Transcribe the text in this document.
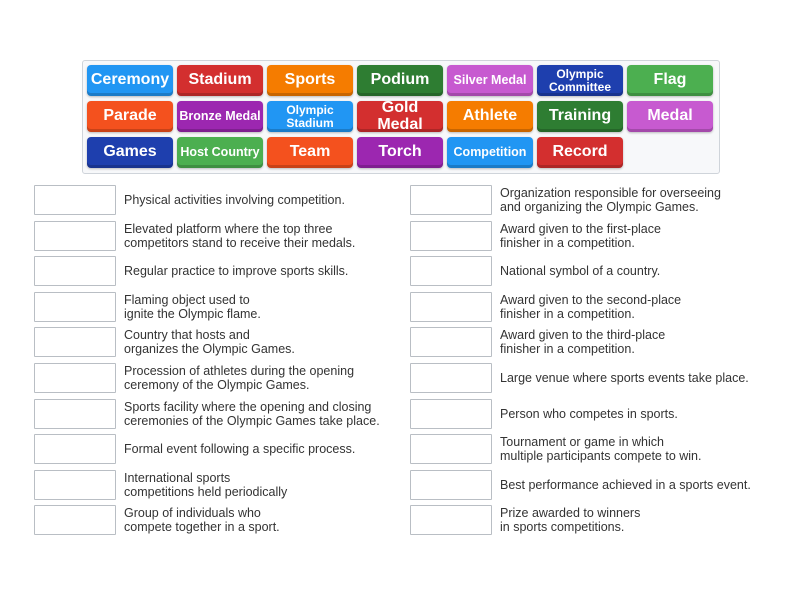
Ceremony	Stadium	Sports	Podium	Silver Medal	Olympic
Committee	Flag
Parade	Bronze Medal	Olympic
Stadium
Gold Medal	Athlete	Training	Medal
Games	Host Country	Team	Torch	Competition	Record
Physical activities involving competition.
Elevated platform where the top three
competitors stand to receive their medals.
Regular practice to improve sports skills.
Flaming object used to
ignite the Olympic flame.
Country that hosts and
organizes the Olympic Games.
Procession of athletes during the opening
ceremony of the Olympic Games.
Sports facility where the opening and closing
ceremonies of the Olympic Games take place.
Formal event following a specific process.
International sports
competitions held periodically
Group of individuals who
compete together in a sport.
Organization responsible for overseeing
and organizing the Olympic Games.
Award given to the first-place
finisher in a competition.
National symbol of a country.
Award given to the second-place
finisher in a competition.
Award given to the third-place
finisher in a competition.
Large venue where sports events take place.
Person who competes in sports.
Tournament or game in which
multiple participants compete to win.
Best performance achieved in a sports event.
Prize awarded to winners
in sports competitions.
